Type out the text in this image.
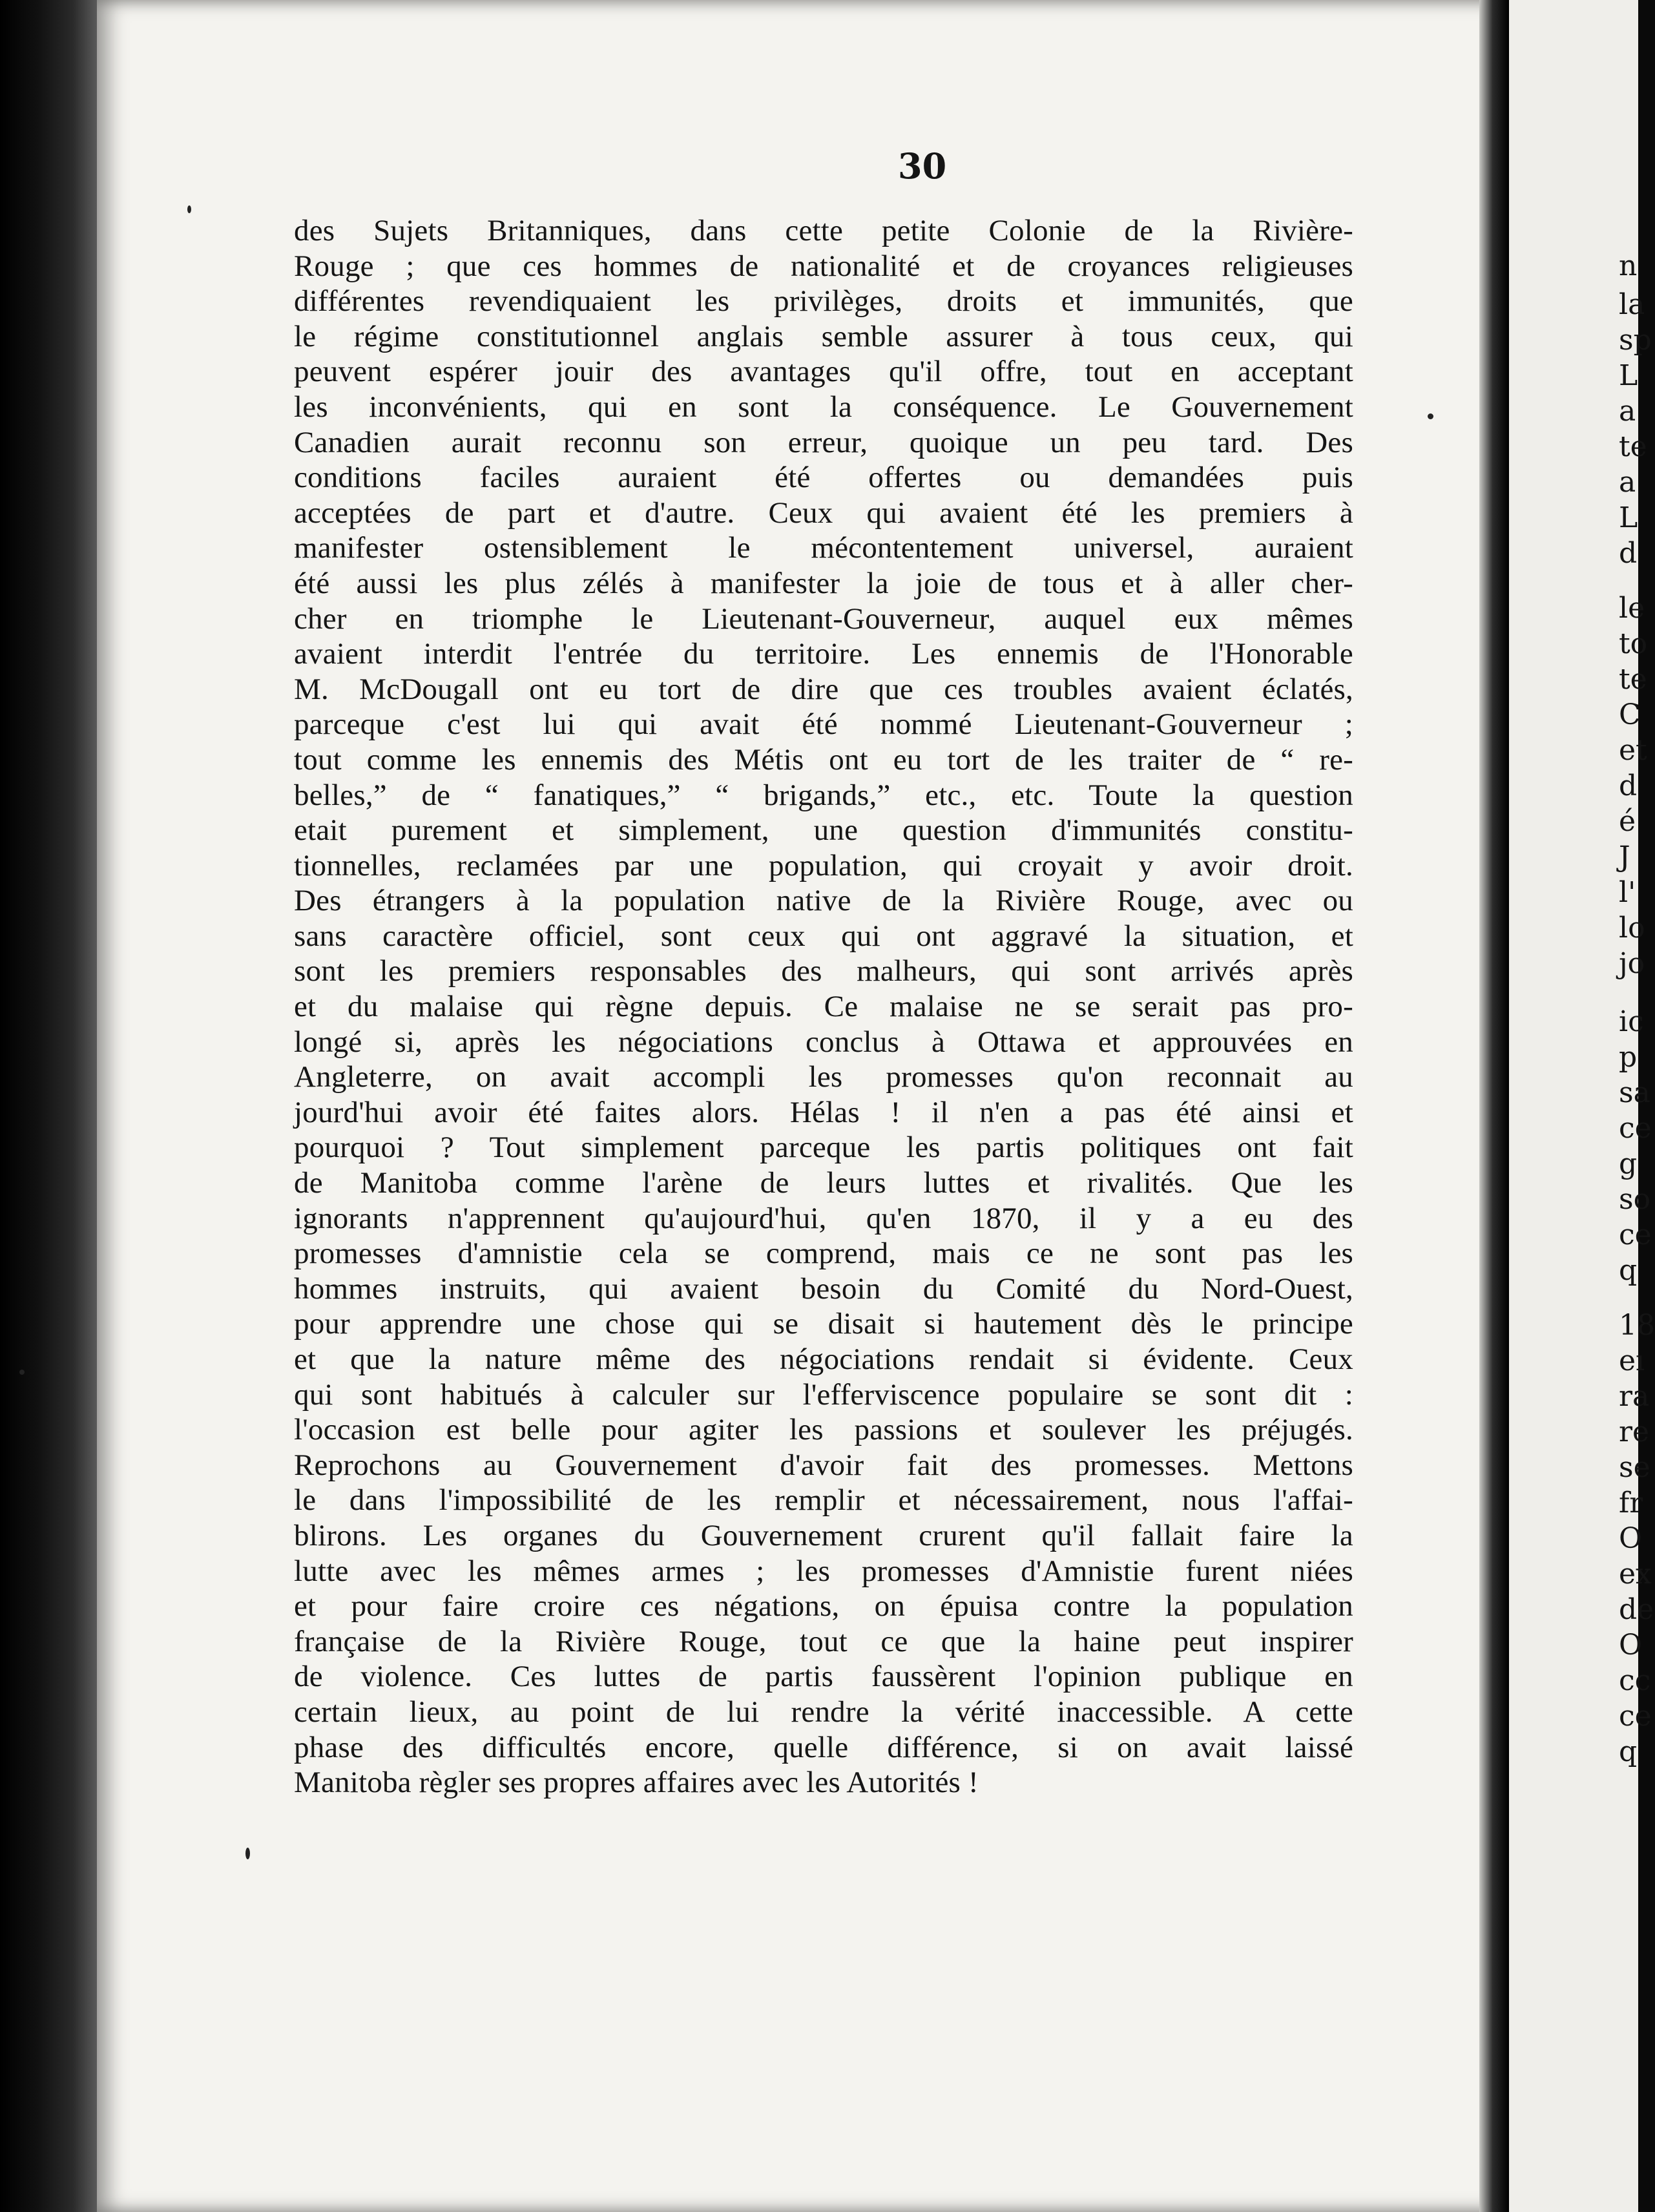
30
des Sujets Britanniques, dans cette petite Colonie de la Rivière-
Rouge ; que ces hommes de nationalité et de croyances religieuses
différentes revendiquaient les privilèges, droits et immunités, que
le régime constitutionnel anglais semble assurer à tous ceux, qui
peuvent espérer jouir des avantages qu'il offre, tout en acceptant
les inconvénients, qui en sont la conséquence. Le Gouvernement
Canadien aurait reconnu son erreur, quoique un peu tard. Des
conditions faciles auraient été offertes ou demandées puis
acceptées de part et d'autre. Ceux qui avaient été les premiers à
manifester ostensiblement le mécontentement universel, auraient
été aussi les plus zélés à manifester la joie de tous et à aller cher-
cher en triomphe le Lieutenant-Gouverneur, auquel eux mêmes
avaient interdit l'entrée du territoire. Les ennemis de l'Honorable
M. McDougall ont eu tort de dire que ces troubles avaient éclatés,
parceque c'est lui qui avait été nommé Lieutenant-Gouverneur ;
tout comme les ennemis des Métis ont eu tort de les traiter de “ re-
belles,” de “ fanatiques,” “ brigands,” etc., etc. Toute la question
etait purement et simplement, une question d'immunités constitu-
tionnelles, reclamées par une population, qui croyait y avoir droit.
Des étrangers à la population native de la Rivière Rouge, avec ou
sans caractère officiel, sont ceux qui ont aggravé la situation, et
sont les premiers responsables des malheurs, qui sont arrivés après
et du malaise qui règne depuis. Ce malaise ne se serait pas pro-
longé si, après les négociations conclus à Ottawa et approuvées en
Angleterre, on avait accompli les promesses qu'on reconnait au
jourd'hui avoir été faites alors. Hélas ! il n'en a pas été ainsi et
pourquoi ? Tout simplement parceque les partis politiques ont fait
de Manitoba comme l'arène de leurs luttes et rivalités. Que les
ignorants n'apprennent qu'aujourd'hui, qu'en 1870, il y a eu des
promesses d'amnistie cela se comprend, mais ce ne sont pas les
hommes instruits, qui avaient besoin du Comité du Nord-Ouest,
pour apprendre une chose qui se disait si hautement dès le principe
et que la nature même des négociations rendait si évidente. Ceux
qui sont habitués à calculer sur l'efferviscence populaire se sont dit :
l'occasion est belle pour agiter les passions et soulever les préjugés.
Reprochons au Gouvernement d'avoir fait des promesses. Mettons
le dans l'impossibilité de les remplir et nécessairement, nous l'affai-
blirons. Les organes du Gouvernement crurent qu'il fallait faire la
lutte avec les mêmes armes ; les promesses d'Amnistie furent niées
et pour faire croire ces négations, on épuisa contre la population
française de la Rivière Rouge, tout ce que la haine peut inspirer
de violence. Ces luttes de partis faussèrent l'opinion publique en
certain lieux, au point de lui rendre la vérité inaccessible. A cette
phase des difficultés encore, quelle différence, si on avait laissé
Manitoba règler ses propres affaires avec les Autorités !
n
la
sp
L
a
te
a
L
d
le
to
te
C
et
d
é
J
l'
lo
jo
ic
p
sa
ce
g
so
ce
q
18
eı
ra
re
se
fr
O
eх
de
O
cc
ce
q
